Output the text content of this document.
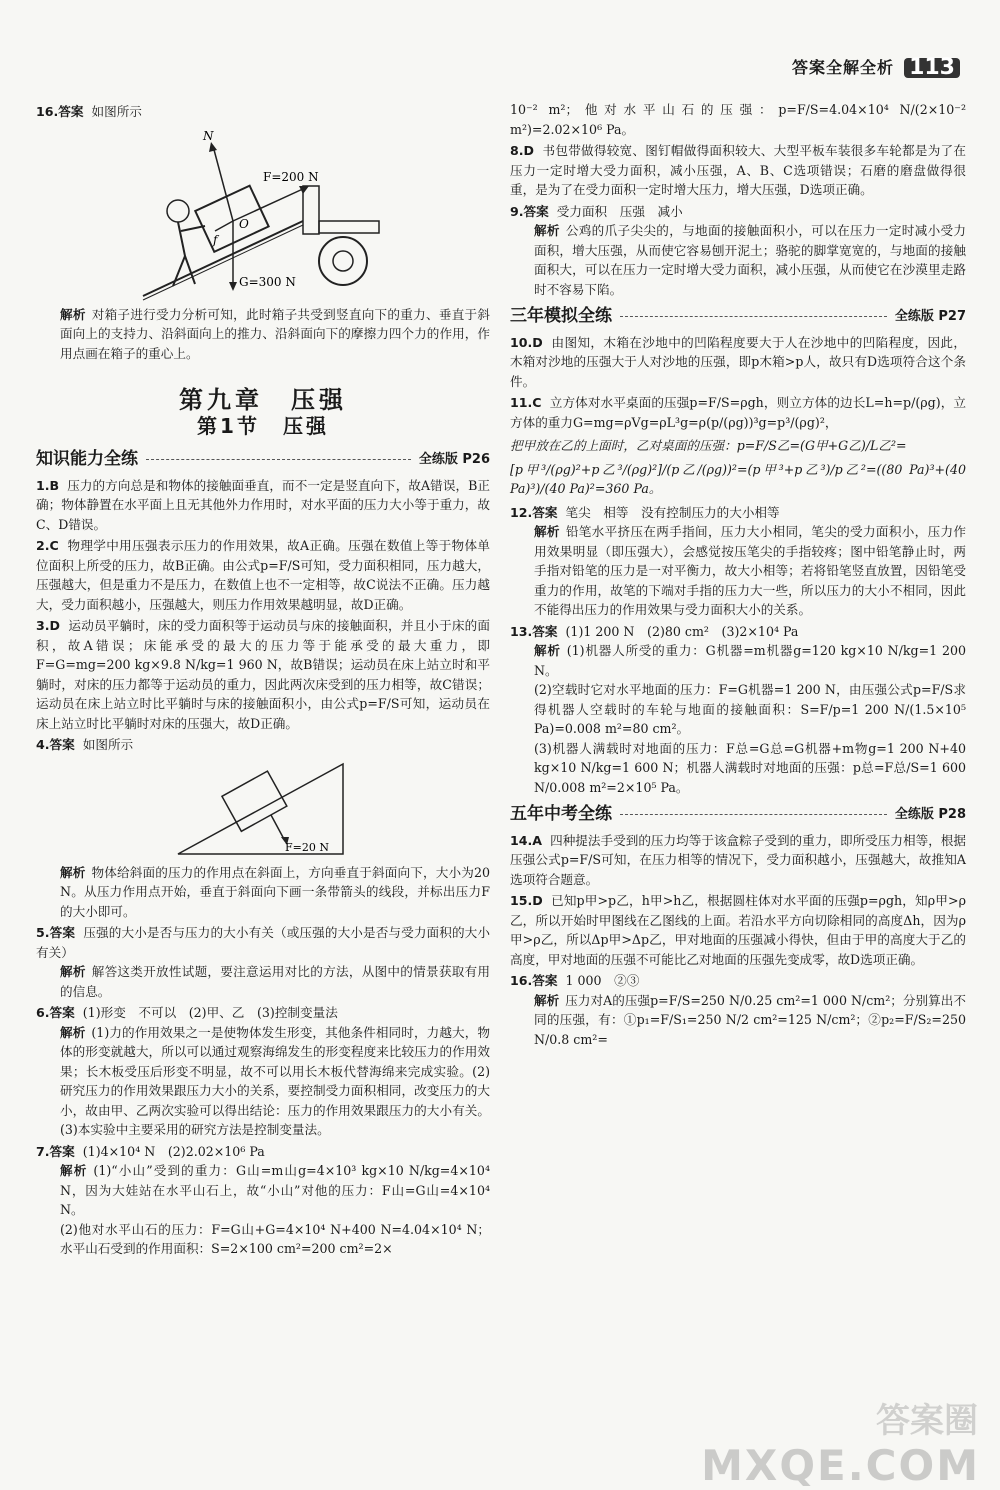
答案全解全析 113

16.答案 如图所示

N
F=200 N
O
f
G=300 N

解析 对箱子进行受力分析可知，此时箱子共受到竖直向下的重力、垂直于斜面向上的支持力、沿斜面向上的推力、沿斜面向下的摩擦力四个力的作用，作用点画在箱子的重心上。

第九章　压强
第1节　压强
知识能力全练	全练版 P26

1.B 压力的方向总是和物体的接触面垂直，而不一定是竖直向下，故A错误，B正确；物体静置在水平面上且无其他外力作用时，对水平面的压力大小等于重力，故C、D错误。

2.C 物理学中用压强表示压力的作用效果，故A正确。压强在数值上等于物体单位面积上所受的压力，故B正确。由公式p=F/S可知，受力面积相同，压力越大，压强越大，但是重力不是压力，在数值上也不一定相等，故C说法不正确。压力越大，受力面积越小，压强越大，则压力作用效果越明显，故D正确。

3.D 运动员平躺时，床的受力面积等于运动员与床的接触面积，并且小于床的面积，故A错误；床能承受的最大的压力等于能承受的最大重力，即F=G=mg=200 kg×9.8 N/kg=1 960 N，故B错误；运动员在床上站立时和平躺时，对床的压力都等于运动员的重力，因此两次床受到的压力相等，故C错误；运动员在床上站立时比平躺时与床的接触面积小，由公式p=F/S可知，运动员在床上站立时比平躺时对床的压强大，故D正确。

4.答案 如图所示

F=20 N

解析 物体给斜面的压力的作用点在斜面上，方向垂直于斜面向下，大小为20 N。从压力作用点开始，垂直于斜面向下画一条带箭头的线段，并标出压力F的大小即可。

5.答案 压强的大小是否与压力的大小有关（或压强的大小是否与受力面积的大小有关）

解析 解答这类开放性试题，要注意运用对比的方法，从图中的情景获取有用的信息。

6.答案 (1)形变　不可以　(2)甲、乙　(3)控制变量法

解析 (1)力的作用效果之一是使物体发生形变，其他条件相同时，力越大，物体的形变就越大，所以可以通过观察海绵发生的形变程度来比较压力的作用效果；长木板受压后形变不明显，故不可以用长木板代替海绵来完成实验。(2)研究压力的作用效果跟压力大小的关系，要控制受力面积相同，改变压力的大小，故由甲、乙两次实验可以得出结论：压力的作用效果跟压力的大小有关。(3)本实验中主要采用的研究方法是控制变量法。

7.答案 (1)4×10⁴ N　(2)2.02×10⁶ Pa

解析 (1)“小山”受到的重力：G山=m山g=4×10³ kg×10 N/kg=4×10⁴ N，因为大娃站在水平山石上，故“小山”对他的压力：F山=G山=4×10⁴ N。

(2)他对水平山石的压力：F=G山+G=4×10⁴ N+400 N=4.04×10⁴ N；水平山石受到的作用面积：S=2×100 cm²=200 cm²=2×

10⁻² m²；他对水平山石的压强：p=F/S=4.04×10⁴ N/(2×10⁻² m²)=2.02×10⁶ Pa。

8.D 书包带做得较宽、图钉帽做得面积较大、大型平板车装很多车轮都是为了在压力一定时增大受力面积，减小压强，A、B、C选项错误；石磨的磨盘做得很重，是为了在受力面积一定时增大压力，增大压强，D选项正确。

9.答案 受力面积　压强　减小

解析 公鸡的爪子尖尖的，与地面的接触面积小，可以在压力一定时减小受力面积，增大压强，从而使它容易刨开泥土；骆驼的脚掌宽宽的，与地面的接触面积大，可以在压力一定时增大受力面积，减小压强，从而使它在沙漠里走路时不容易下陷。

三年模拟全练	全练版 P27

10.D 由图知，木箱在沙地中的凹陷程度要大于人在沙地中的凹陷程度，因此，木箱对沙地的压强大于人对沙地的压强，即p木箱>p人，故只有D选项符合这个条件。

11.C 立方体对水平桌面的压强p=F/S=ρgh，则立方体的边长L=h=p/(ρg)，立方体的重力G=mg=ρVg=ρL³g=ρ(p/(ρg))³g=p³/(ρg)²，

把甲放在乙的上面时，乙对桌面的压强：p=F/S乙=(G甲+G乙)/L乙²=

[p甲³/(ρg)²+p乙³/(ρg)²]/(p乙/(ρg))²=(p甲³+p乙³)/p乙²=((80 Pa)³+(40 Pa)³)/(40 Pa)²=360 Pa。

12.答案 笔尖　相等　没有控制压力的大小相等

解析 铅笔水平挤压在两手指间，压力大小相同，笔尖的受力面积小，压力作用效果明显（即压强大），会感觉按压笔尖的手指较疼；图中铅笔静止时，两手指对铅笔的压力是一对平衡力，故大小相等；若将铅笔竖直放置，因铅笔受重力的作用，故笔的下端对手指的压力大一些，所以压力的大小不相同，因此不能得出压力的作用效果与受力面积大小的关系。

13.答案 (1)1 200 N　(2)80 cm²　(3)2×10⁴ Pa

解析 (1)机器人所受的重力：G机器=m机器g=120 kg×10 N/kg=1 200 N。

(2)空载时它对水平地面的压力：F=G机器=1 200 N，由压强公式p=F/S求得机器人空载时的车轮与地面的接触面积：S=F/p=1 200 N/(1.5×10⁵ Pa)=0.008 m²=80 cm²。

(3)机器人满载时对地面的压力：F总=G总=G机器+m物g=1 200 N+40 kg×10 N/kg=1 600 N；机器人满载时对地面的压强：p总=F总/S=1 600 N/0.008 m²=2×10⁵ Pa。

五年中考全练	全练版 P28

14.A 四种提法手受到的压力均等于该盒粽子受到的重力，即所受压力相等，根据压强公式p=F/S可知，在压力相等的情况下，受力面积越小，压强越大，故推知A选项符合题意。

15.D 已知p甲>p乙，h甲>h乙，根据圆柱体对水平面的压强p=ρgh，知ρ甲>ρ乙，所以开始时甲图线在乙图线的上面。若沿水平方向切除相同的高度Δh，因为ρ甲>ρ乙，所以Δp甲>Δp乙，甲对地面的压强减小得快，但由于甲的高度大于乙的高度，甲对地面的压强不可能比乙对地面的压强先变成零，故D选项正确。

16.答案 1 000　②③

解析 压力对A的压强p=F/S=250 N/0.25 cm²=1 000 N/cm²；分别算出不同的压强，有：①p₁=F/S₁=250 N/2 cm²=125 N/cm²；②p₂=F/S₂=250 N/0.8 cm²=

答案圈
MXQE.COM
